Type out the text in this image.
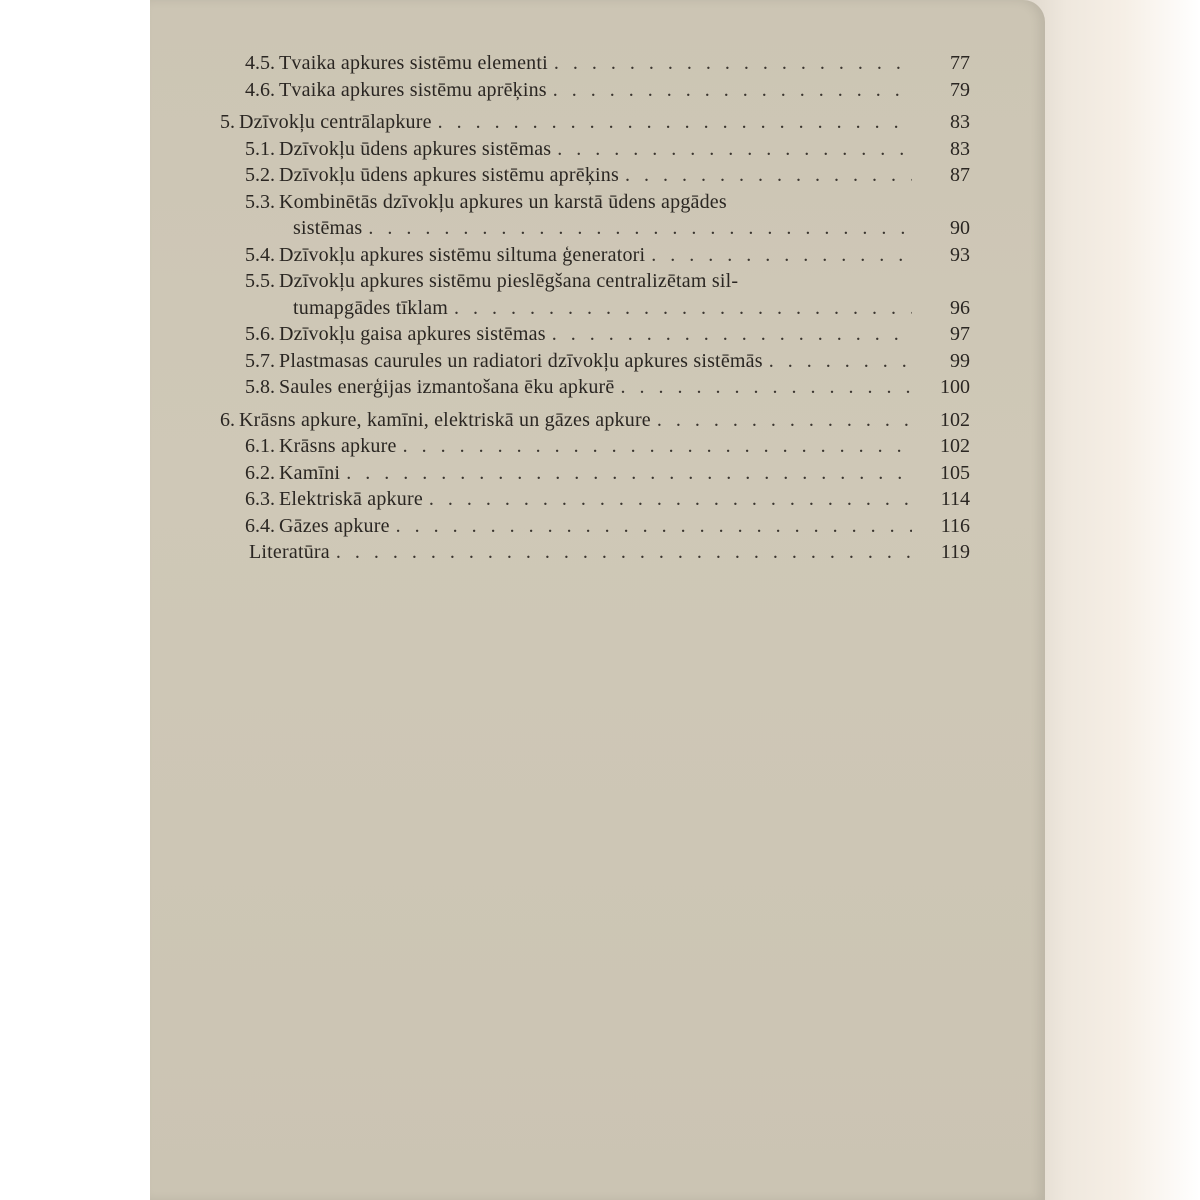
4.5. Tvaika apkures sistēmu elementi . . .	77
4.6. Tvaika apkures sistēmu aprēķins . . .	79
5. Dzīvokļu centrālapkure . . .	83
5.1. Dzīvokļu ūdens apkures sistēmas . . .	83
5.2. Dzīvokļu ūdens apkures sistēmu aprēķins . . .	87
5.3. Kombinētās dzīvokļu apkures un karstā ūdens apgādes
sistēmas . . .	90
5.4. Dzīvokļu apkures sistēmu siltuma ģeneratori . . .	93
5.5. Dzīvokļu apkures sistēmu pieslēgšana centralizētam sil-
tumapgādes tīklam . . .	96
5.6. Dzīvokļu gaisa apkures sistēmas . . .	97
5.7. Plastmasas caurules un radiatori dzīvokļu apkures sistēmās . . .	99
5.8. Saules enerģijas izmantošana ēku apkurē . . .	100
6. Krāsns apkure, kamīni, elektriskā un gāzes apkure . . .	102
6.1. Krāsns apkure . . .	102
6.2. Kamīni . . .	105
6.3. Elektriskā apkure . . .	114
6.4. Gāzes apkure . . .	116
Literatūra . . .	119
